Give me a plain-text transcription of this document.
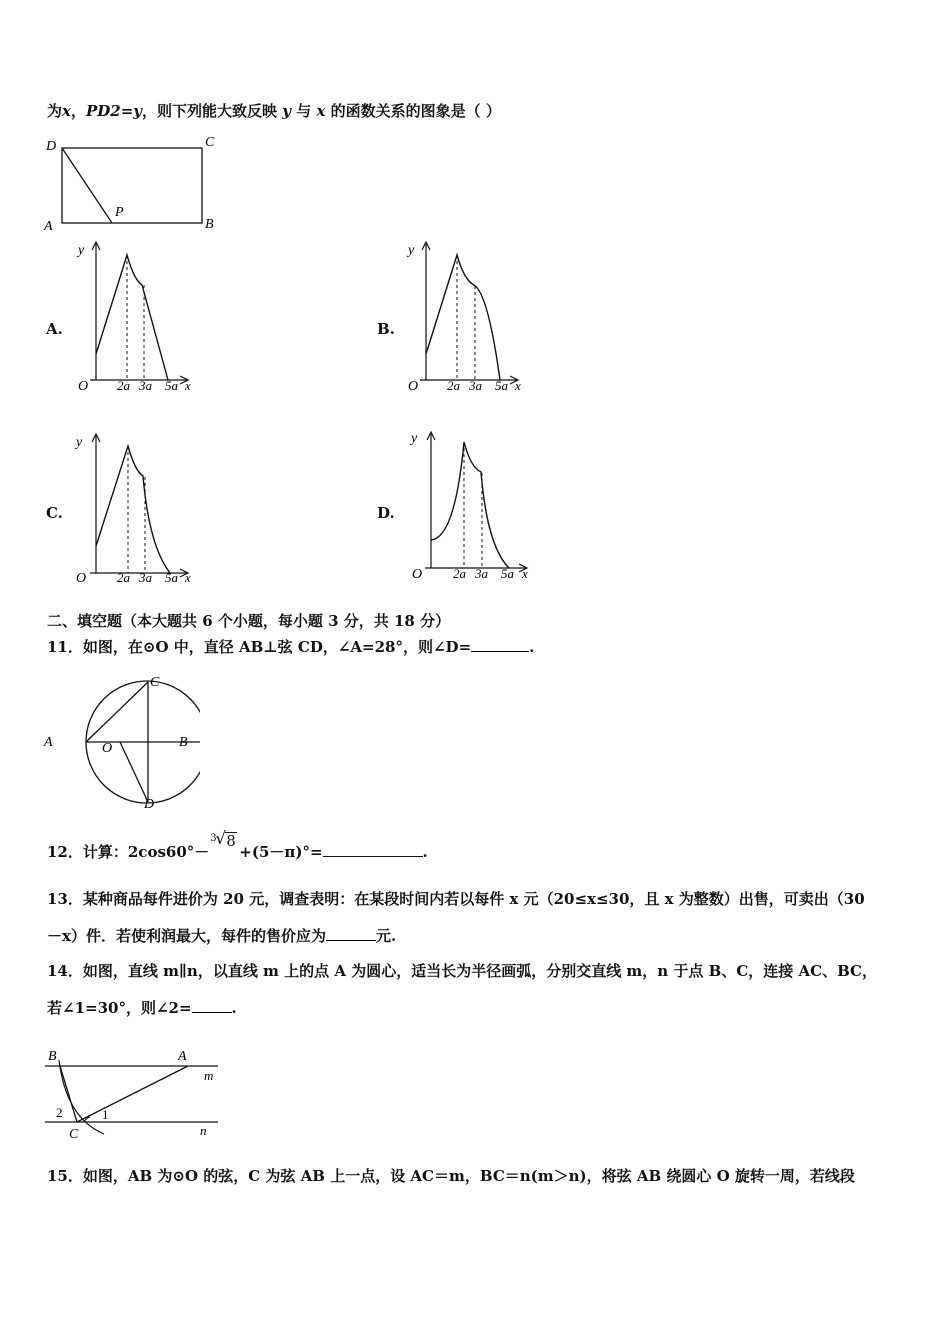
为x，PD2=y，则下列能大致反映 y 与 x 的函数关系的图象是（ ）
D	C
A	B
P
A.	B.
C.	D.
y
O 2a 3a 5a x
y
O 2a 3a 5a x
y
O 2a 3a 5a x
y
O 2a 3a 5a x
二、填空题（本大题共 6 个小题，每小题 3 分，共 18 分）
11．如图，在⊙O 中，直径 AB⊥弦 CD，∠A=28°，则∠D=	.
C
A	O	B
D
12．计算：2cos60°－
3
√ 8
+(5－π)°=	.
13．某种商品每件进价为 20 元，调查表明：在某段时间内若以每件 x 元（20≤x≤30，且 x 为整数）出售，可卖出（30
－x）件．若使利润最大，每件的售价应为	元.
14．如图，直线 m∥n，以直线 m 上的点 A 为圆心，适当长为半径画弧，分别交直线 m，n 于点 B、C，连接 AC、BC，
若∠1=30°，则∠2=	.
B	A
m
n
C
1
2
15．如图，AB 为⊙O 的弦，C 为弦 AB 上一点，设 AC＝m，BC＝n(m＞n)，将弦 AB 绕圆心 O 旋转一周，若线段
